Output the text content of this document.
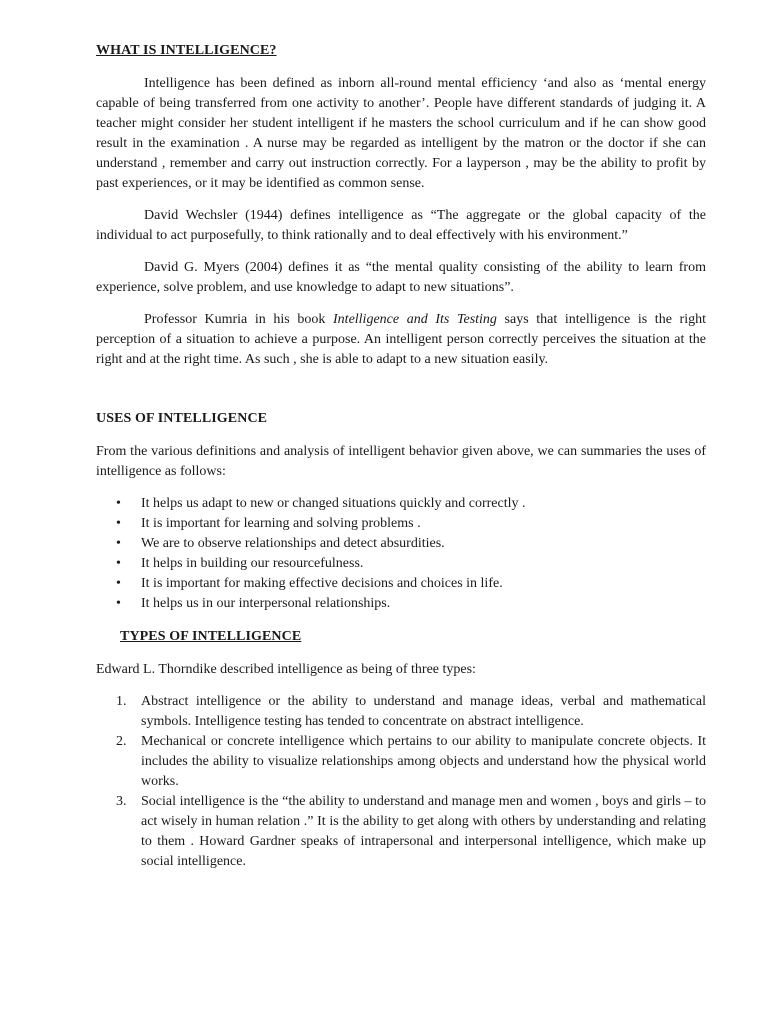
WHAT IS INTELLIGENCE?

Intelligence has been defined as inborn all-round mental efficiency ‘and also as ‘mental energy capable of being transferred from one activity to another’. People have different standards of judging it. A teacher might consider her student intelligent if he masters the school curriculum and if he can show good result in the examination . A nurse may be regarded as intelligent by the matron or the doctor if she can understand , remember and carry out instruction correctly. For a layperson , may be the ability to profit by past experiences, or it may be identified as common sense.

David Wechsler (1944) defines intelligence as “The aggregate or the global capacity of the individual to act purposefully, to think rationally and to deal effectively with his environment.”

David G. Myers (2004) defines it as “the mental quality consisting of the ability to learn from experience, solve problem, and use knowledge to adapt to new situations”.

Professor Kumria in his book Intelligence and Its Testing says that intelligence is the right perception of a situation to achieve a purpose. An intelligent person correctly perceives the situation at the right and at the right time. As such , she is able to adapt to a new situation easily.

USES OF INTELLIGENCE

From the various definitions and analysis of intelligent behavior given above, we can summaries the uses of intelligence as follows:

• It helps us adapt to new or changed situations quickly and correctly .
• It is important for learning and solving problems .
• We are to observe relationships and detect absurdities.
• It helps in building our resourcefulness.
• It is important for making effective decisions and choices in life.
• It helps us in our interpersonal relationships.
TYPES OF INTELLIGENCE

Edward L. Thorndike described intelligence as being of three types:

1. Abstract intelligence or the ability to understand and manage ideas, verbal and mathematical symbols. Intelligence testing has tended to concentrate on abstract intelligence.
2. Mechanical or concrete intelligence which pertains to our ability to manipulate concrete objects. It includes the ability to visualize relationships among objects and understand how the physical world works.
3. Social intelligence is the “the ability to understand and manage men and women , boys and girls – to act wisely in human relation .” It is the ability to get along with others by understanding and relating to them . Howard Gardner speaks of intrapersonal and interpersonal intelligence, which make up social intelligence.
